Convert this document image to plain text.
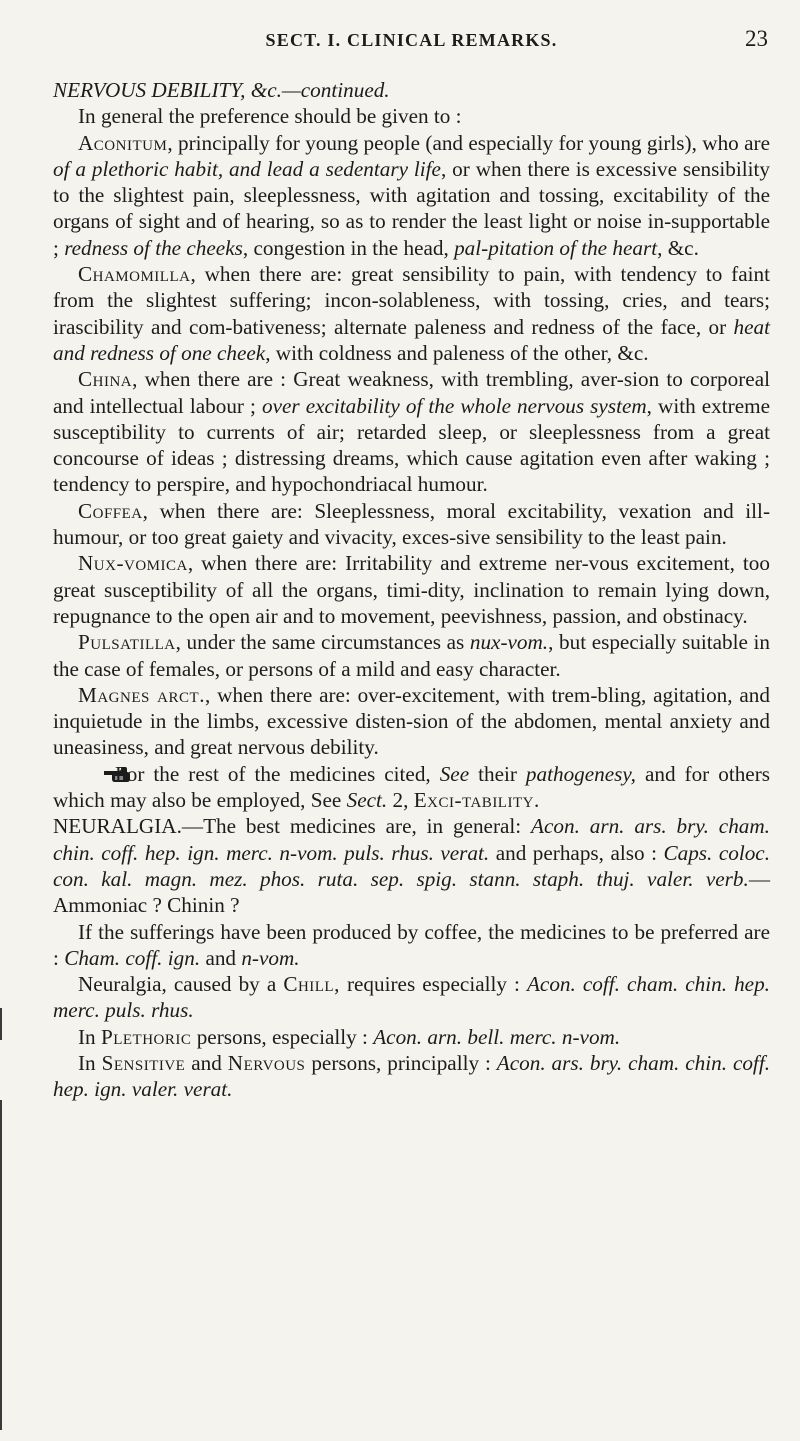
SECT. I. CLINICAL REMARKS.	23

NERVOUS DEBILITY, &c.—continued.

In general the preference should be given to :

Aconitum, principally for young people (and especially for young girls), who are of a plethoric habit, and lead a sedentary life, or when there is excessive sensibility to the slightest pain, sleeplessness, with agitation and tossing, excitability of the organs of sight and of hearing, so as to render the least light or noise in-supportable ; redness of the cheeks, congestion in the head, pal-pitation of the heart, &c.

Chamomilla, when there are: great sensibility to pain, with tendency to faint from the slightest suffering; incon-solableness, with tossing, cries, and tears; irascibility and com-bativeness; alternate paleness and redness of the face, or heat and redness of one cheek, with coldness and paleness of the other, &c.

China, when there are : Great weakness, with trembling, aver-sion to corporeal and intellectual labour ; over excitability of the whole nervous system, with extreme susceptibility to currents of air; retarded sleep, or sleeplessness from a great concourse of ideas ; distressing dreams, which cause agitation even after waking ; tendency to perspire, and hypochondriacal humour.

Coffea, when there are: Sleeplessness, moral excitability, vexation and ill-humour, or too great gaiety and vivacity, exces-sive sensibility to the least pain.

Nux-vomica, when there are: Irritability and extreme ner-vous excitement, too great susceptibility of all the organs, timi-dity, inclination to remain lying down, repugnance to the open air and to movement, peevishness, passion, and obstinacy.

Pulsatilla, under the same circumstances as nux-vom., but especially suitable in the case of females, or persons of a mild and easy character.

Magnes arct., when there are: over-excitement, with trem-bling, agitation, and inquietude in the limbs, excessive disten-sion of the abdomen, mental anxiety and uneasiness, and great nervous debility.

For the rest of the medicines cited, See their pathogenesy, and for others which may also be employed, See Sect. 2, Exci-tability.

NEURALGIA.—The best medicines are, in general: Acon. arn. ars. bry. cham. chin. coff. hep. ign. merc. n-vom. puls. rhus. verat. and perhaps, also : Caps. coloc. con. kal. magn. mez. phos. ruta. sep. spig. stann. staph. thuj. valer. verb.—Ammoniac ? Chinin ?

If the sufferings have been produced by coffee, the medicines to be preferred are : Cham. coff. ign. and n-vom.

Neuralgia, caused by a Chill, requires especially : Acon. coff. cham. chin. hep. merc. puls. rhus.

In Plethoric persons, especially : Acon. arn. bell. merc. n-vom.

In Sensitive and Nervous persons, principally : Acon. ars. bry. cham. chin. coff. hep. ign. valer. verat.
